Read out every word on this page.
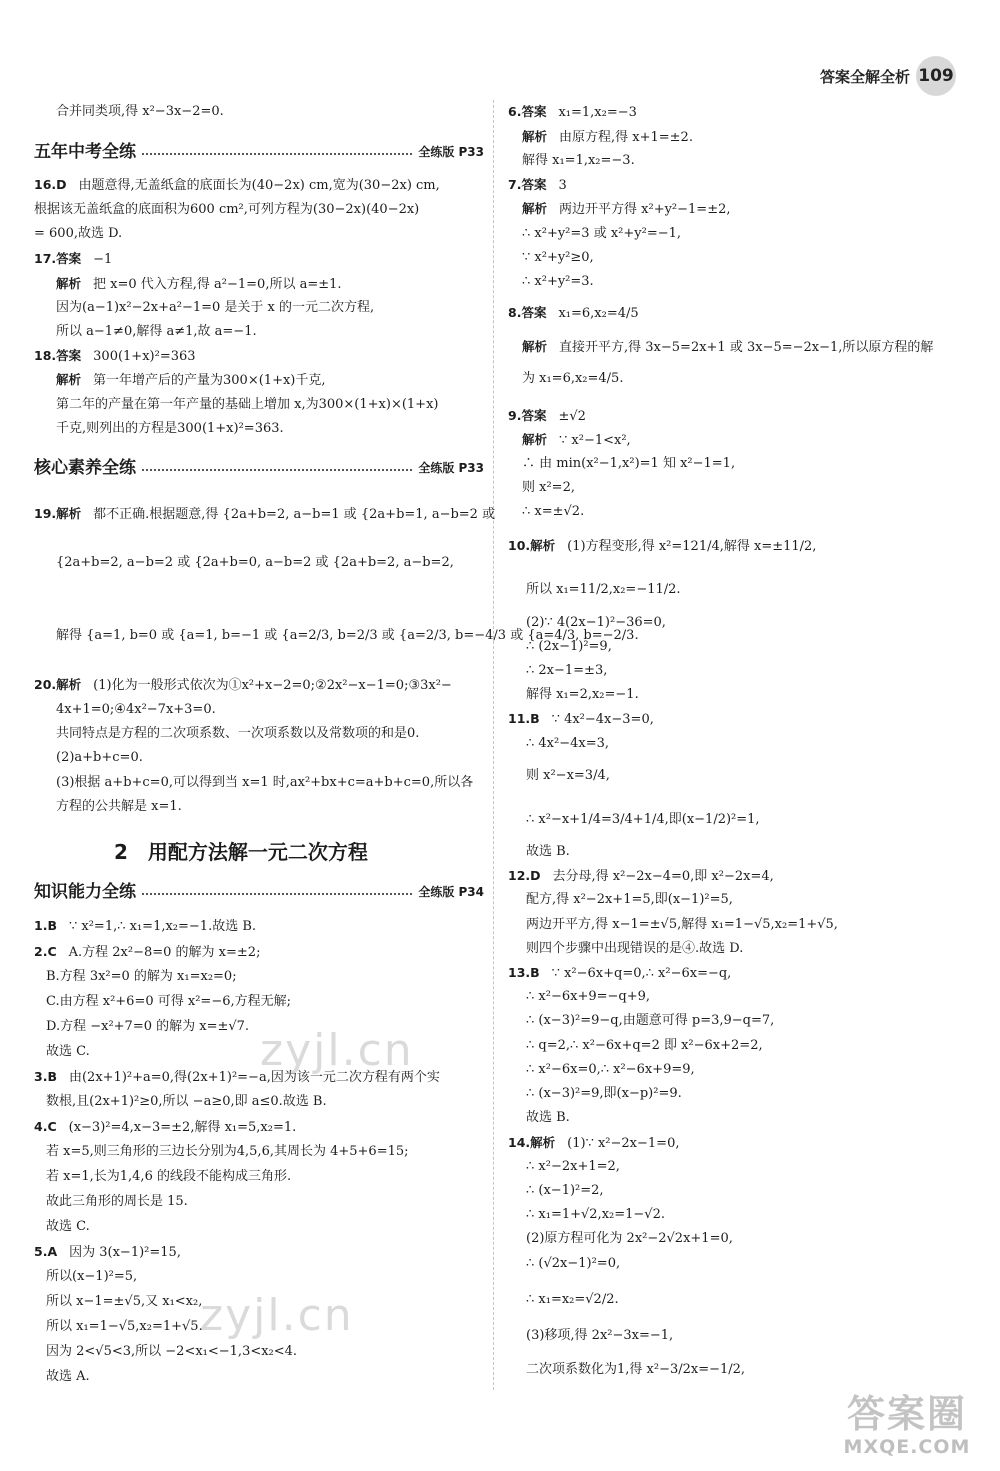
答案全解全析 109
合并同类项,得 x²−3x−2=0.
五年中考全练	全练版 P33
16.D 由题意得,无盖纸盒的底面长为(40−2x) cm,宽为(30−2x) cm,
根据该无盖纸盒的底面积为600 cm²,可列方程为(30−2x)(40−2x)
= 600,故选 D.
17.答案 −1
解析 把 x=0 代入方程,得 a²−1=0,所以 a=±1.
因为(a−1)x²−2x+a²−1=0 是关于 x 的一元二次方程,
所以 a−1≠0,解得 a≠1,故 a=−1.
18.答案 300(1+x)²=363
解析 第一年增产后的产量为300×(1+x)千克,
第二年的产量在第一年产量的基础上增加 x,为300×(1+x)×(1+x)
千克,则列出的方程是300(1+x)²=363.
核心素养全练	全练版 P33
19.解析 都不正确.根据题意,得 {2a+b=2, a−b=1 或 {2a+b=1, a−b=2 或
{2a+b=2, a−b=2 或 {2a+b=0, a−b=2 或 {2a+b=2, a−b=2,
解得 {a=1, b=0 或 {a=1, b=−1 或 {a=2/3, b=2/3 或 {a=2/3, b=−4/3 或 {a=4/3, b=−2/3.
20.解析 (1)化为一般形式依次为①x²+x−2=0;②2x²−x−1=0;③3x²−
4x+1=0;④4x²−7x+3=0.
共同特点是方程的二次项系数、一次项系数以及常数项的和是0.
(2)a+b+c=0.
(3)根据 a+b+c=0,可以得到当 x=1 时,ax²+bx+c=a+b+c=0,所以各
方程的公共解是 x=1.
2 用配方法解一元二次方程
知识能力全练	全练版 P34
1.B ∵ x²=1,∴ x₁=1,x₂=−1.故选 B.
2.C A.方程 2x²−8=0 的解为 x=±2;
B.方程 3x²=0 的解为 x₁=x₂=0;
C.由方程 x²+6=0 可得 x²=−6,方程无解;
D.方程 −x²+7=0 的解为 x=±√7.
故选 C.
3.B 由(2x+1)²+a=0,得(2x+1)²=−a,因为该一元二次方程有两个实
数根,且(2x+1)²≥0,所以 −a≥0,即 a≤0.故选 B.
4.C (x−3)²=4,x−3=±2,解得 x₁=5,x₂=1.
若 x=5,则三角形的三边长分别为4,5,6,其周长为 4+5+6=15;
若 x=1,长为1,4,6 的线段不能构成三角形.
故此三角形的周长是 15.
故选 C.
5.A 因为 3(x−1)²=15,
所以(x−1)²=5,
所以 x−1=±√5,又 x₁<x₂,
所以 x₁=1−√5,x₂=1+√5.
因为 2<√5<3,所以 −2<x₁<−1,3<x₂<4.
故选 A.
6.答案 x₁=1,x₂=−3
解析 由原方程,得 x+1=±2.
解得 x₁=1,x₂=−3.
7.答案 3
解析 两边开平方得 x²+y²−1=±2,
∴ x²+y²=3 或 x²+y²=−1,
∵ x²+y²≥0,
∴ x²+y²=3.
8.答案 x₁=6,x₂=4/5
解析 直接开平方,得 3x−5=2x+1 或 3x−5=−2x−1,所以原方程的解
为 x₁=6,x₂=4/5.
9.答案 ±√2
解析 ∵ x²−1<x²,
∴ 由 min(x²−1,x²)=1 知 x²−1=1,
则 x²=2,
∴ x=±√2.
10.解析 (1)方程变形,得 x²=121/4,解得 x=±11/2,
所以 x₁=11/2,x₂=−11/2.
(2)∵ 4(2x−1)²−36=0,
∴ (2x−1)²=9,
∴ 2x−1=±3,
解得 x₁=2,x₂=−1.
11.B ∵ 4x²−4x−3=0,
∴ 4x²−4x=3,
则 x²−x=3/4,
∴ x²−x+1/4=3/4+1/4,即(x−1/2)²=1,
故选 B.
12.D 去分母,得 x²−2x−4=0,即 x²−2x=4,
配方,得 x²−2x+1=5,即(x−1)²=5,
两边开平方,得 x−1=±√5,解得 x₁=1−√5,x₂=1+√5,
则四个步骤中出现错误的是④.故选 D.
13.B ∵ x²−6x+q=0,∴ x²−6x=−q,
∴ x²−6x+9=−q+9,
∴ (x−3)²=9−q,由题意可得 p=3,9−q=7,
∴ q=2,∴ x²−6x+q=2 即 x²−6x+2=2,
∴ x²−6x=0,∴ x²−6x+9=9,
∴ (x−3)²=9,即(x−p)²=9.
故选 B.
14.解析 (1)∵ x²−2x−1=0,
∴ x²−2x+1=2,
∴ (x−1)²=2,
∴ x₁=1+√2,x₂=1−√2.
(2)原方程可化为 2x²−2√2x+1=0,
∴ (√2x−1)²=0,
∴ x₁=x₂=√2/2.
(3)移项,得 2x²−3x=−1,
二次项系数化为1,得 x²−3/2x=−1/2,
zyjl.cn
zyjl.cn
答案圈
MXQE.COM
